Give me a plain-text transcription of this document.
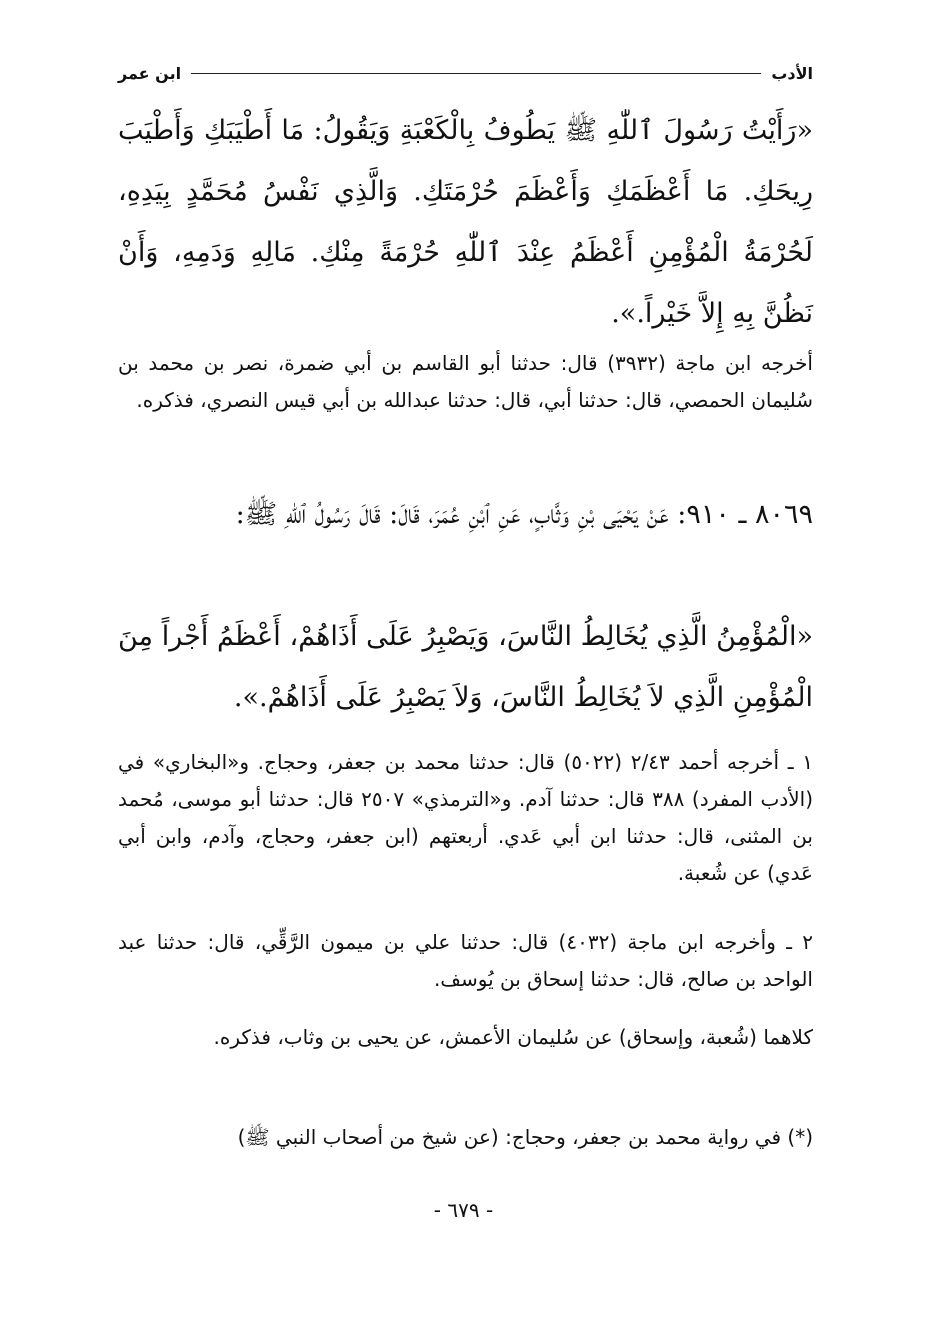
الأدب
ابن عمر
«رَأَيْتُ رَسُولَ ٱللّٰهِ ﷺ يَطُوفُ بِالْكَعْبَةِ وَيَقُولُ: مَا أَطْيَبَكِ وَأَطْيَبَ رِيحَكِ. مَا أَعْظَمَكِ وَأَعْظَمَ حُرْمَتَكِ. وَالَّذِي نَفْسُ مُحَمَّدٍ بِيَدِهِ، لَحُرْمَةُ الْمُؤْمِنِ أَعْظَمُ عِنْدَ ٱللّٰهِ حُرْمَةً مِنْكِ. مَالِهِ وَدَمِهِ، وَأَنْ نَظُنَّ بِهِ إِلاَّ خَيْراً.».
أخرجه ابن ماجة (٣٩٣٢) قال: حدثنا أبو القاسم بن أبي ضمرة، نصر بن محمد بن سُليمان الحمصي، قال: حدثنا أبي، قال: حدثنا عبدالله بن أبي قيس النصري، فذكره.
٨٠٦٩ ـ ٩١٠: عَنْ يَحْيَى بْنِ وَثَّابٍ، عَنِ ٱبْنِ عُمَرَ، قَالَ: قَالَ رَسُولُ ٱللّٰهِ ﷺ:
«الْمُؤْمِنُ الَّذِي يُخَالِطُ النَّاسَ، وَيَصْبِرُ عَلَى أَذَاهُمْ، أَعْظَمُ أَجْراً مِنَ الْمُؤْمِنِ الَّذِي لاَ يُخَالِطُ النَّاسَ، وَلاَ يَصْبِرُ عَلَى أَذَاهُمْ.».
١ ـ أخرجه أحمد ٢/٤٣ (٥٠٢٢) قال: حدثنا محمد بن جعفر، وحجاج. و«البخاري» في (الأدب المفرد) ٣٨٨ قال: حدثنا آدم. و«الترمذي» ٢٥٠٧ قال: حدثنا أبو موسى، مُحمد بن المثنى، قال: حدثنا ابن أبي عَدي. أربعتهم (ابن جعفر، وحجاج، وآدم، وابن أبي عَدي) عن شُعبة.
٢ ـ وأخرجه ابن ماجة (٤٠٣٢) قال: حدثنا علي بن ميمون الرَّقِّي، قال: حدثنا عبد الواحد بن صالح، قال: حدثنا إسحاق بن يُوسف.
كلاهما (شُعبة، وإسحاق) عن سُليمان الأعمش، عن يحيى بن وثاب، فذكره.
(*) في رواية محمد بن جعفر، وحجاج: (عن شيخ من أصحاب النبي ﷺ)
- ٦٧٩ -
